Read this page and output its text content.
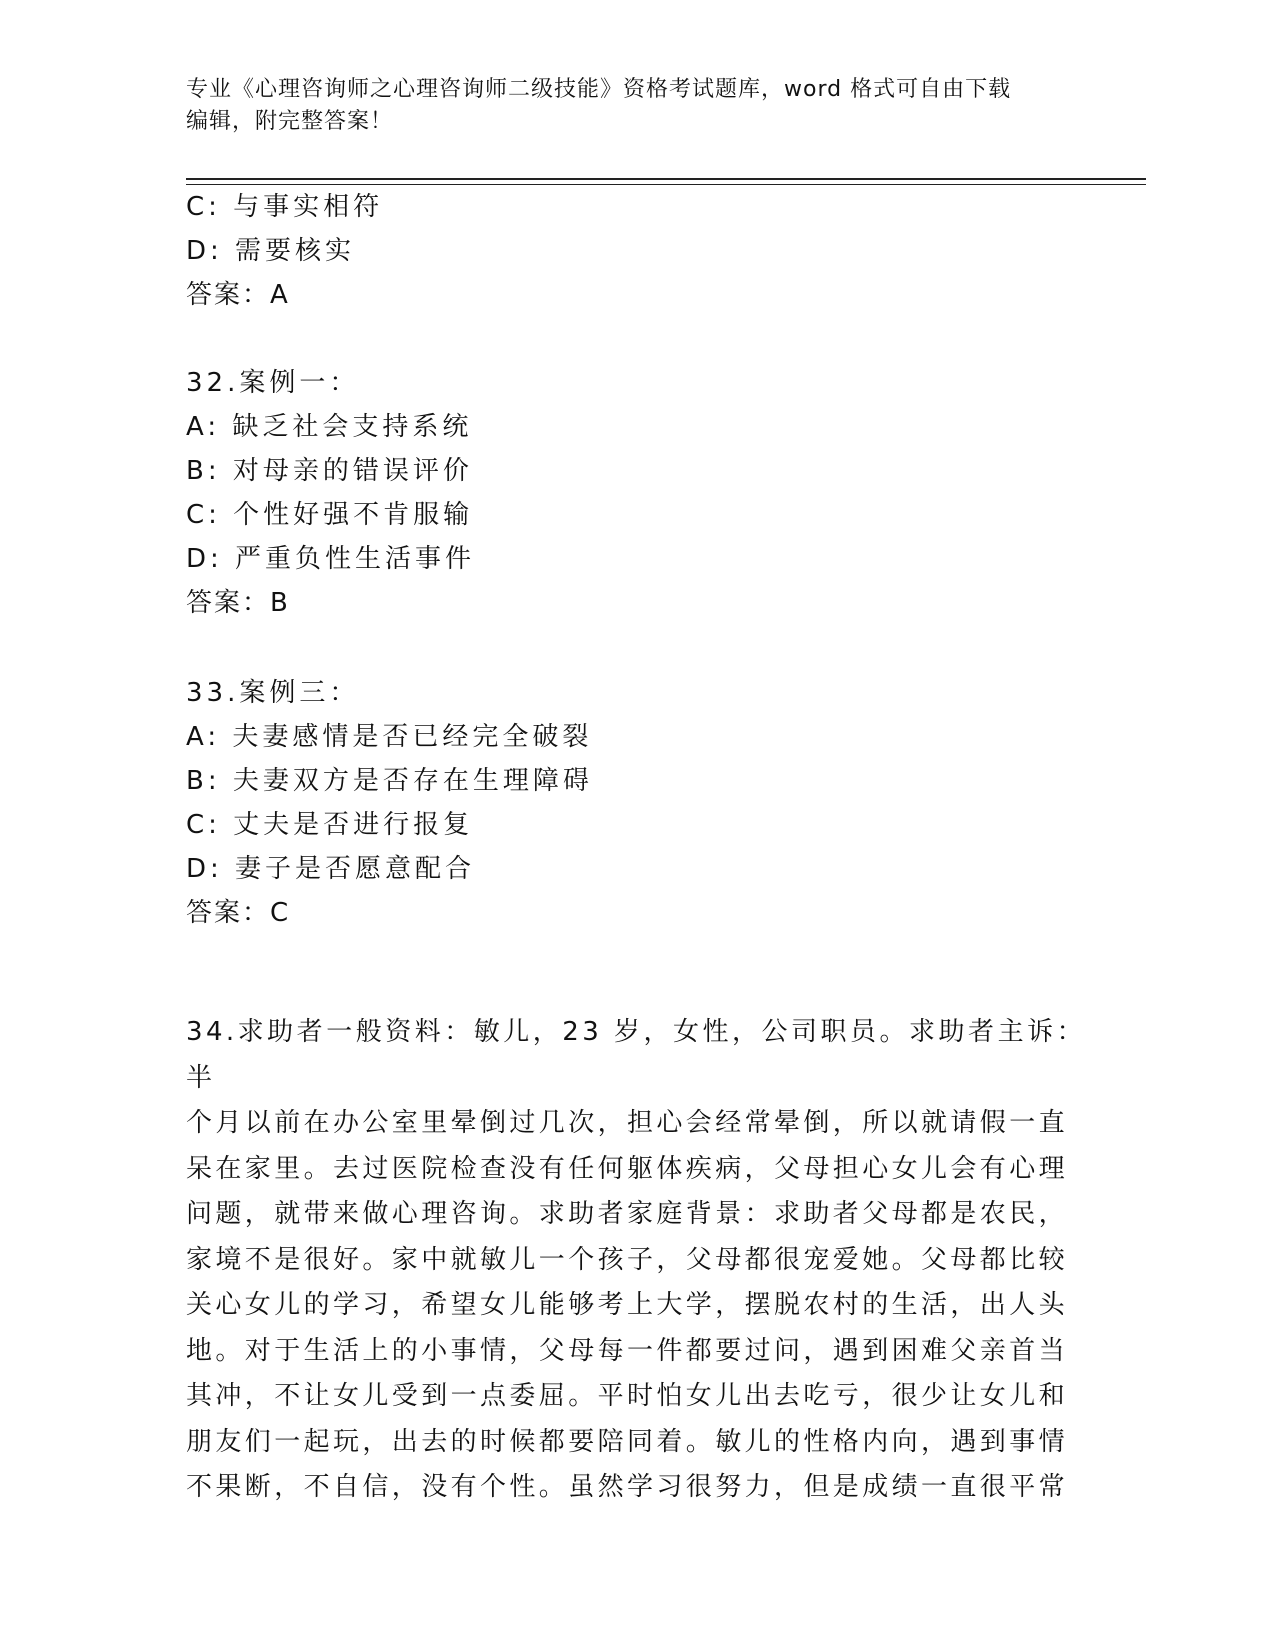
专业《心理咨询师之心理咨询师二级技能》资格考试题库，word 格式可自由下载
编辑，附完整答案！
C: 与事实相符
D: 需要核实
答案：A
32.案例一：
A: 缺乏社会支持系统
B: 对母亲的错误评价
C: 个性好强不肯服输
D: 严重负性生活事件
答案：B
33.案例三：
A: 夫妻感情是否已经完全破裂
B: 夫妻双方是否存在生理障碍
C: 丈夫是否进行报复
D: 妻子是否愿意配合
答案：C
34.求助者一般资料：敏儿，23 岁，女性，公司职员。求助者主诉：半
个月以前在办公室里晕倒过几次，担心会经常晕倒，所以就请假一直
呆在家里。去过医院检查没有任何躯体疾病，父母担心女儿会有心理
问题，就带来做心理咨询。求助者家庭背景：求助者父母都是农民，
家境不是很好。家中就敏儿一个孩子，父母都很宠爱她。父母都比较
关心女儿的学习，希望女儿能够考上大学，摆脱农村的生活，出人头
地。对于生活上的小事情，父母每一件都要过问，遇到困难父亲首当
其冲，不让女儿受到一点委屈。平时怕女儿出去吃亏，很少让女儿和
朋友们一起玩，出去的时候都要陪同着。敏儿的性格内向，遇到事情
不果断，不自信，没有个性。虽然学习很努力，但是成绩一直很平常
